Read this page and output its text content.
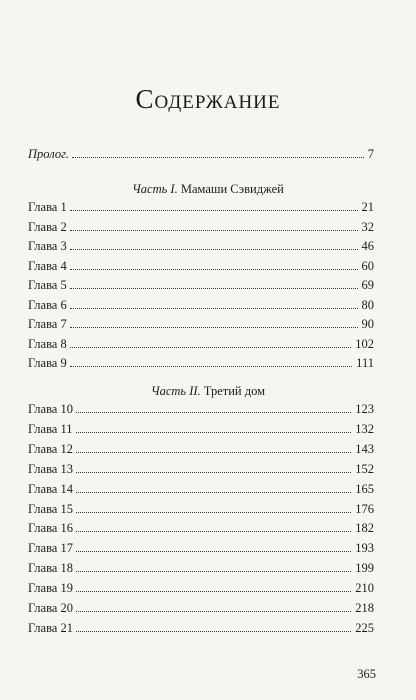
Содержание
Пролог.	7
Часть I. Мамаши Сэвиджей
Глава 1	21
Глава 2	32
Глава 3	46
Глава 4	60
Глава 5	69
Глава 6	80
Глава 7	90
Глава 8	102
Глава 9	111
Часть II. Третий дом
Глава 10	123
Глава 11	132
Глава 12	143
Глава 13	152
Глава 14	165
Глава 15	176
Глава 16	182
Глава 17	193
Глава 18	199
Глава 19	210
Глава 20	218
Глава 21	225
365
